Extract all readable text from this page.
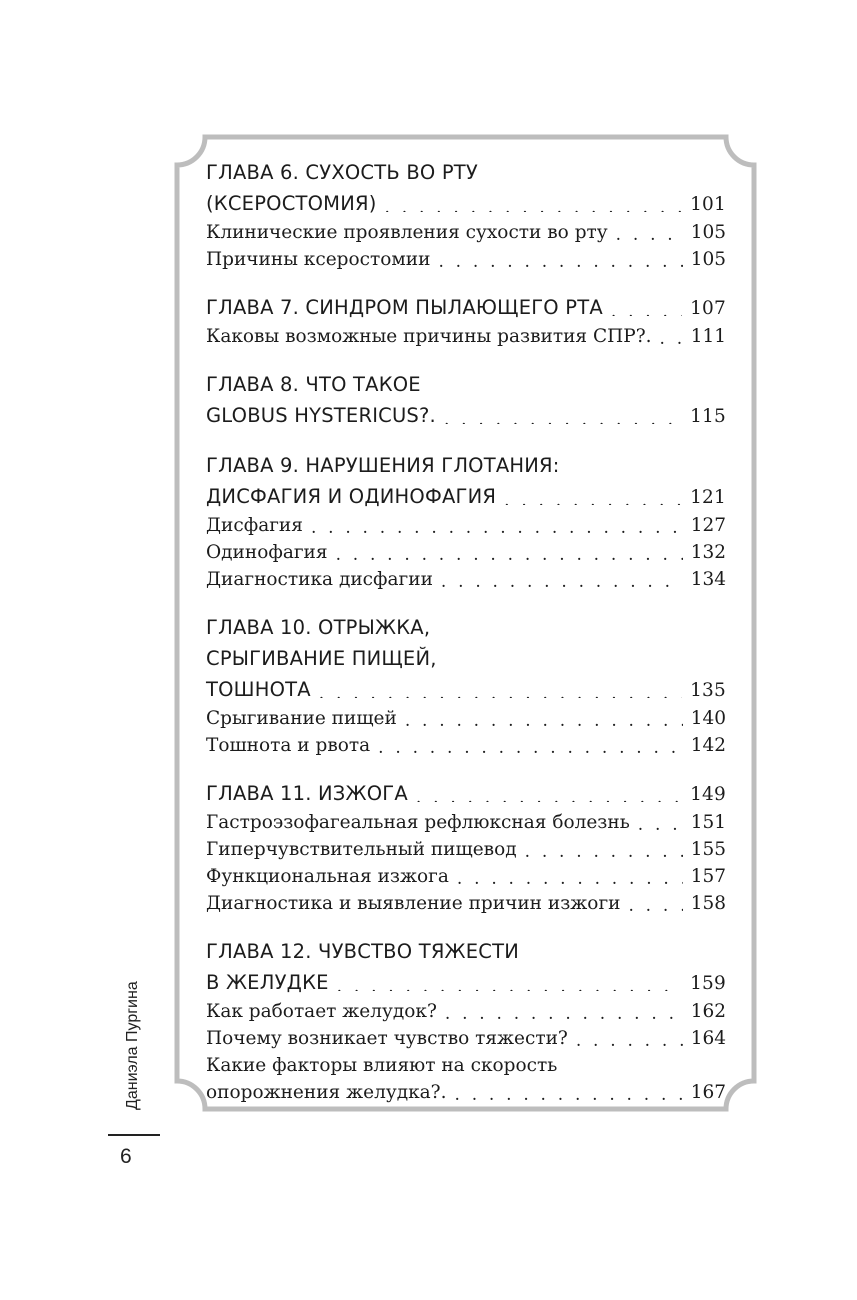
ГЛАВА 6. СУХОСТЬ ВО РТУ
(КСЕРОСТОМИЯ) . . .	101
Клинические проявления сухости во рту . . .	105
Причины ксеростомии . . .	105
ГЛАВА 7. СИНДРОМ ПЫЛАЮЩЕГО РТА . . .	107
Каковы возможные причины развития СПР?. . . . 111
ГЛАВА 8. ЧТО ТАКОЕ
GLOBUS HYSTERICUS?. . . .	115
ГЛАВА 9. НАРУШЕНИЯ ГЛОТАНИЯ:
ДИСФАГИЯ И ОДИНОФАГИЯ . . .	121
Дисфагия . . .	127
Одинофагия . . .	132
Диагностика дисфагии . . .	134
ГЛАВА 10. ОТРЫЖКА,
СРЫГИВАНИЕ ПИЩЕЙ,
ТОШНОТА . . .	135
Срыгивание пищей . . .	140
Тошнота и рвота . . .	142
ГЛАВА 11. ИЗЖОГА . . .	149
Гастроэзофагеальная рефлюксная болезнь . . .	151
Гиперчувствительный пищевод . . .	155
Функциональная изжога . . .	157
Диагностика и выявление причин изжоги . . .	158
ГЛАВА 12. ЧУВСТВО ТЯЖЕСТИ
В ЖЕЛУДКЕ . . .	159
Как работает желудок? . . .	162
Почему возникает чувство тяжести? . . .	164
Какие факторы влияют на скорость
опорожнения желудка?. . . .	167
Даниэла Пургина
6
